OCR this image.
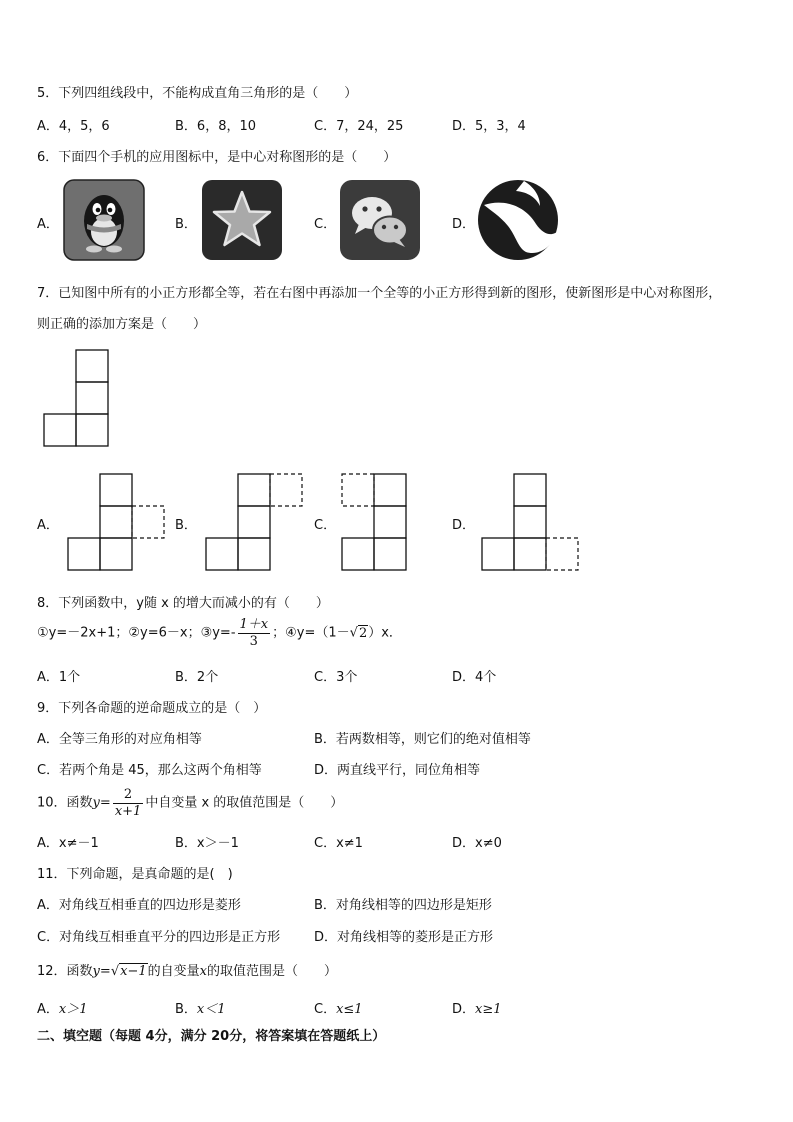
5．下列四组线段中，不能构成直角三角形的是（　　）
A．4，5，6	B．6，8，10	C．7，24，25	D．5，3，4
6．下面四个手机的应用图标中，是中心对称图形的是（　　）
A．	B．	C．	D．
7．已知图中所有的小正方形都全等，若在右图中再添加一个全等的小正方形得到新的图形，使新图形是中心对称图形，
则正确的添加方案是（　　）
A．	B．	C．	D．
8．下列函数中，y随 x 的增大而减小的有（　　）
①y=－2x+1；②y=6－x；③y=- $\frac{1+x}{3}$ ；④y=（1－√2）x．
A．1个	B．2个	C．3个	D．4个
9．下列各命题的逆命题成立的是（　）
A．全等三角形的对应角相等	B．若两数相等，则它们的绝对值相等
C．若两个角是 45，那么这两个角相等	D．两直线平行，同位角相等
10．函数$y= \frac{2}{x+1}$ 中自变量 x 的取值范围是（　　）
A．x≠－1	B．x＞－1	C．x≠1	D．x≠0
11．下列命题，是真命题的是(　)
A．对角线互相垂直的四边形是菱形	B．对角线相等的四边形是矩形
C．对角线互相垂直平分的四边形是正方形	D．对角线相等的菱形是正方形
12．函数y=√x−1的自变量x的取值范围是（　　）
A．x＞1	B．x＜1	C．x≤1	D．x≥1
二、填空题（每题 4分，满分 20分，将答案填在答题纸上）
